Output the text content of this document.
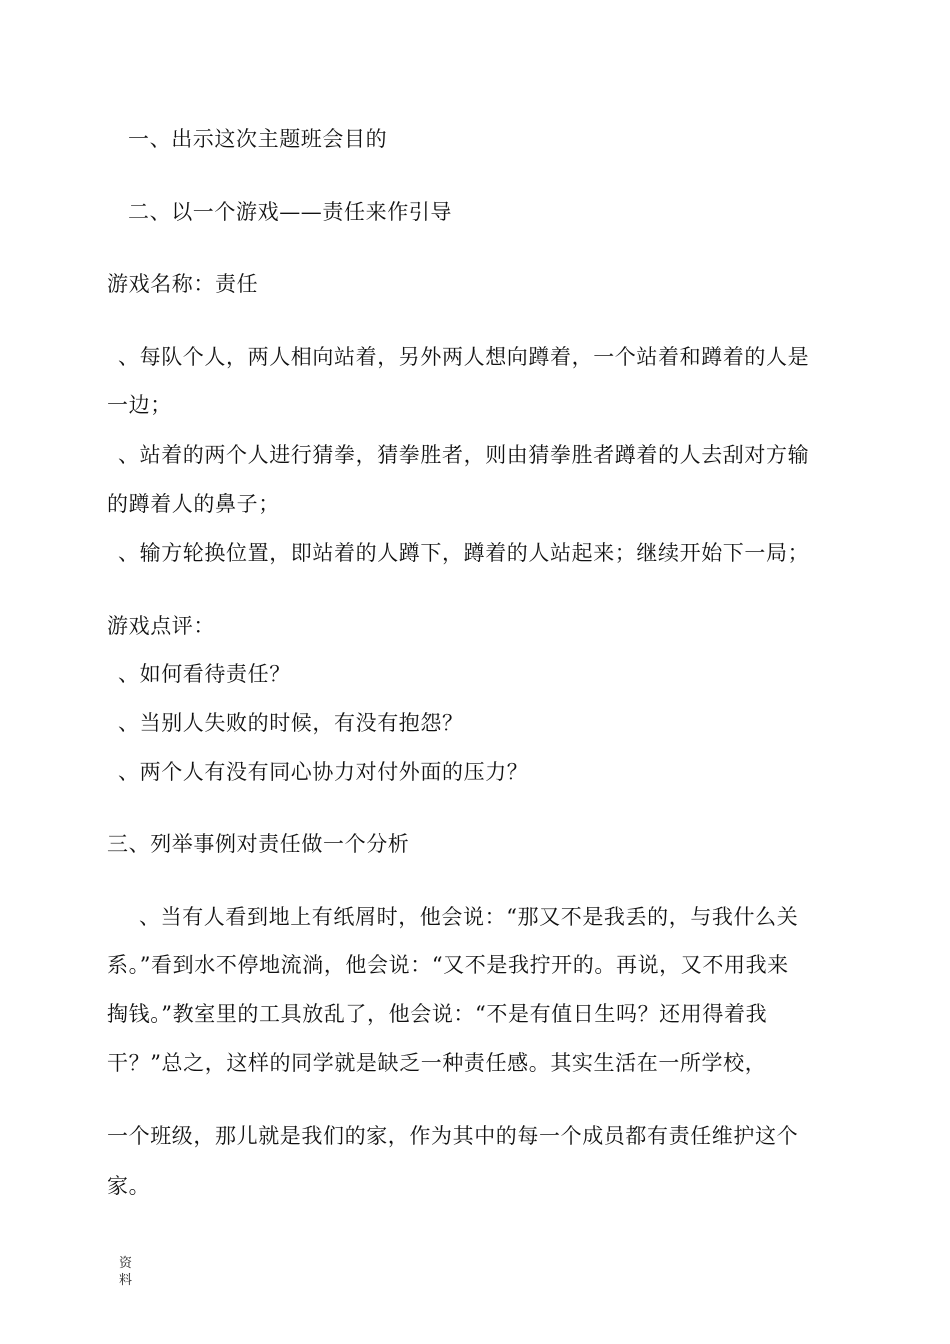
一、出示这次主题班会目的
二、以一个游戏——责任来作引导
游戏名称：责任
、每队个人，两人相向站着，另外两人想向蹲着，一个站着和蹲着的人是
一边；
、站着的两个人进行猜拳，猜拳胜者，则由猜拳胜者蹲着的人去刮对方输
的蹲着人的鼻子；
、输方轮换位置，即站着的人蹲下，蹲着的人站起来；继续开始下一局；
游戏点评：
、如何看待责任？
、当别人失败的时候，有没有抱怨？
、两个人有没有同心协力对付外面的压力？
三、列举事例对责任做一个分析
、当有人看到地上有纸屑时，他会说：“那又不是我丢的，与我什么关
系。”看到水不停地流淌，他会说：“又不是我拧开的。再说，又不用我来
掏钱。”教室里的工具放乱了，他会说：“不是有值日生吗？还用得着我
干？”总之，这样的同学就是缺乏一种责任感。其实生活在一所学校，
一个班级，那儿就是我们的家，作为其中的每一个成员都有责任维护这个
家。
资
料
